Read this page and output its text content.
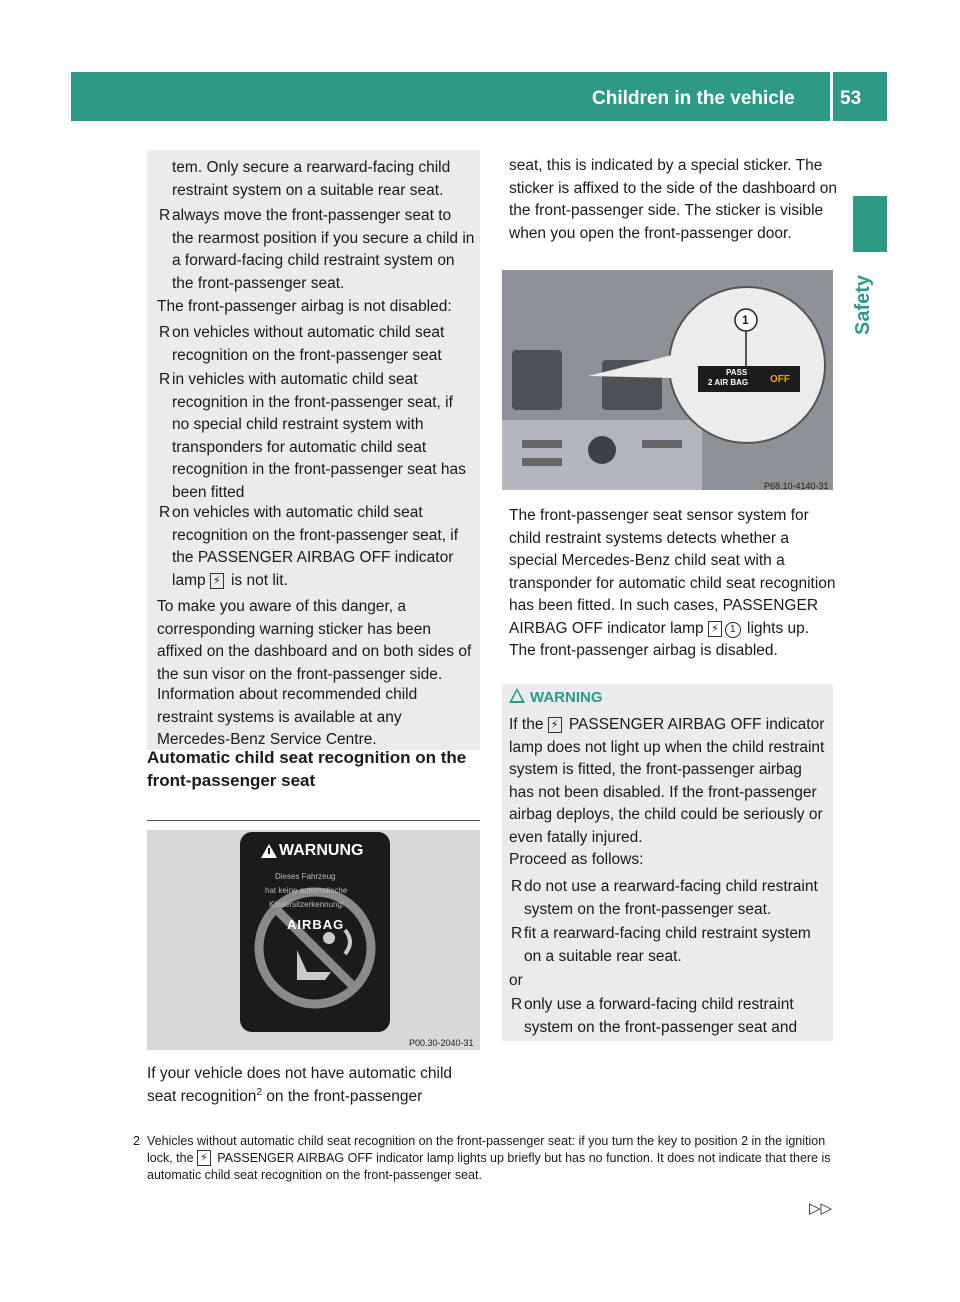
Children in the vehicle 53
Safety

tem. Only secure a rearward-facing child restraint system on a suitable rear seat.

R always move the front-passenger seat to the rearmost position if you secure a child in a forward-facing child restraint system on the front-passenger seat.

The front-passenger airbag is not disabled:

R on vehicles without automatic child seat recognition on the front-passenger seat
R in vehicles with automatic child seat recognition in the front-passenger seat, if no special child restraint system with transponders for automatic child seat recognition in the front-passenger seat has been fitted
R on vehicles with automatic child seat recognition on the front-passenger seat, if the PASSENGER AIRBAG OFF indicator lamp ⚡ is not lit.

To make you aware of this danger, a corresponding warning sticker has been affixed on the dashboard and on both sides of the sun visor on the front-passenger side.

Information about recommended child restraint systems is available at any Mercedes-Benz Service Centre.

Automatic child seat recognition on the front-passenger seat
WARNUNG
Dieses Fahrzeug
hat keine automatische
Kindersitzerkennung!
AIRBAG
P00.30-2040-31

If your vehicle does not have automatic child seat recognition$^2$ on the front-passenger

seat, this is indicated by a special sticker. The sticker is affixed to the side of the dashboard on the front-passenger side. The sticker is visible when you open the front-passenger door.

1
PASS
2 AIR BAG OFF
P68.10-4140-31

The front-passenger seat sensor system for child restraint systems detects whether a special Mercedes-Benz child seat with a transponder for automatic child seat recognition has been fitted. In such cases, PASSENGER AIRBAG OFF indicator lamp ⚡ 1 lights up. The front-passenger airbag is disabled.

WARNING

If the ⚡ PASSENGER AIRBAG OFF indicator lamp does not light up when the child restraint system is fitted, the front-passenger airbag has not been disabled. If the front-passenger airbag deploys, the child could be seriously or even fatally injured.

Proceed as follows:

R do not use a rearward-facing child restraint system on the front-passenger seat.
R fit a rearward-facing child restraint system on a suitable rear seat.

or

R only use a forward-facing child restraint system on the front-passenger seat and
2 Vehicles without automatic child seat recognition on the front-passenger seat: if you turn the key to position 2 in the ignition lock, the ⚡ PASSENGER AIRBAG OFF indicator lamp lights up briefly but has no function. It does not indicate that there is automatic child seat recognition on the front-passenger seat.
▷▷
